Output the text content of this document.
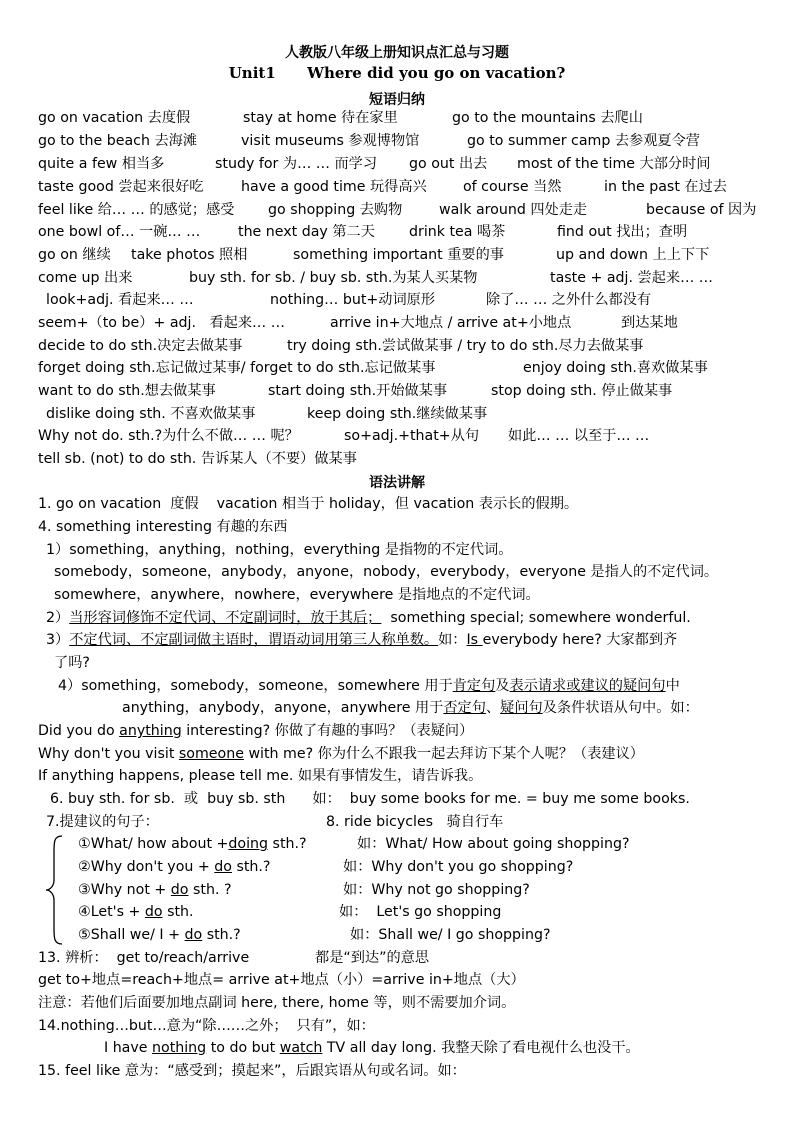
人教版八年级上册知识点汇总与习题
Unit1 Where did you go on vacation?
短语归纳
go on vacation 去度假	stay at home 待在家里	go to the mountains 去爬山
go to the beach 去海滩	visit museums 参观博物馆	go to summer camp 去参观夏令营
quite a few 相当多	study for 为… … 而学习 go out 出去 most of the time 大部分时间
taste good 尝起来很好吃	have a good time 玩得高兴	of course 当然	in the past 在过去
feel like 给… … 的感觉；感受 go shopping 去购物	walk around 四处走走	because of 因为
one bowl of… 一碗… …	the next day 第二天 drink tea 喝茶	find out 找出；查明
go on 继续 take photos 照相	something important 重要的事	up and down 上上下下
come up 出来	buy sth. for sb. / buy sb. sth.为某人买某物	taste + adj. 尝起来… …
look+adj. 看起来… …	nothing… but+动词原形	除了… … 之外什么都没有
seem+（to be）+ adj.   看起来… …	arrive in+大地点 / arrive at+小地点	到达某地
decide to do sth.决定去做某事	try doing sth.尝试做某事 / try to do sth.尽力去做某事
forget doing sth.忘记做过某事/ forget to do sth.忘记做某事	enjoy doing sth.喜欢做某事
want to do sth.想去做某事	start doing sth.开始做某事	stop doing sth. 停止做某事
dislike doing sth. 不喜欢做某事	keep doing sth.继续做某事
Why not do. sth.?为什么不做… … 呢？	so+adj.+that+从句 如此… … 以至于… …
tell sb. (not) to do sth. 告诉某人（不要）做某事
语法讲解
1. go on vacation  度假    vacation 相当于 holiday，但 vacation 表示长的假期。
4. something interesting 有趣的东西
1）something，anything，nothing，everything 是指物的不定代词。
somebody，someone，anybody，anyone，nobody，everybody，everyone 是指人的不定代词。
somewhere，anywhere，nowhere，everywhere 是指地点的不定代词。
2）当形容词修饰不定代词、不定副词时，放于其后；  something special; somewhere wonderful.
3）不定代词、不定副词做主语时，谓语动词用第三人称单数。如：Is everybody here? 大家都到齐
了吗?
4）something，somebody，someone，somewhere 用于肯定句及表示请求或建议的疑问句中
anything，anybody，anyone，anywhere 用于否定句、疑问句及条件状语从句中。如：
Did you do anything interesting? 你做了有趣的事吗？（表疑问）
Why don't you visit someone with me? 你为什么不跟我一起去拜访下某个人呢？（表建议）
If anything happens, please tell me. 如果有事情发生，请告诉我。
6. buy sth. for sb.  或  buy sb. sth      如：  buy some books for me. = buy me some books.
7.提建议的句子：	8. ride bicycles   骑自行车
①What/ how about +doing sth.?	如：What/ How about going shopping?
②Why don't you + do sth.?	如：Why don't you go shopping?
③Why not + do sth. ?	如：Why not go shopping?
④Let's + do sth.	如：  Let's go shopping
⑤Shall we/ I + do sth.?	如：Shall we/ I go shopping?
13. 辨析：  get to/reach/arrive	都是“到达”的意思
get to+地点=reach+地点= arrive at+地点（小）=arrive in+地点（大）
注意：若他们后面要加地点副词 here, there, home 等，则不需要加介词。
14.nothing…but…意为“除……之外；  只有”，如：
I have nothing to do but watch TV all day long. 我整天除了看电视什么也没干。
15. feel like 意为：“感受到；摸起来”，后跟宾语从句或名词。如：
